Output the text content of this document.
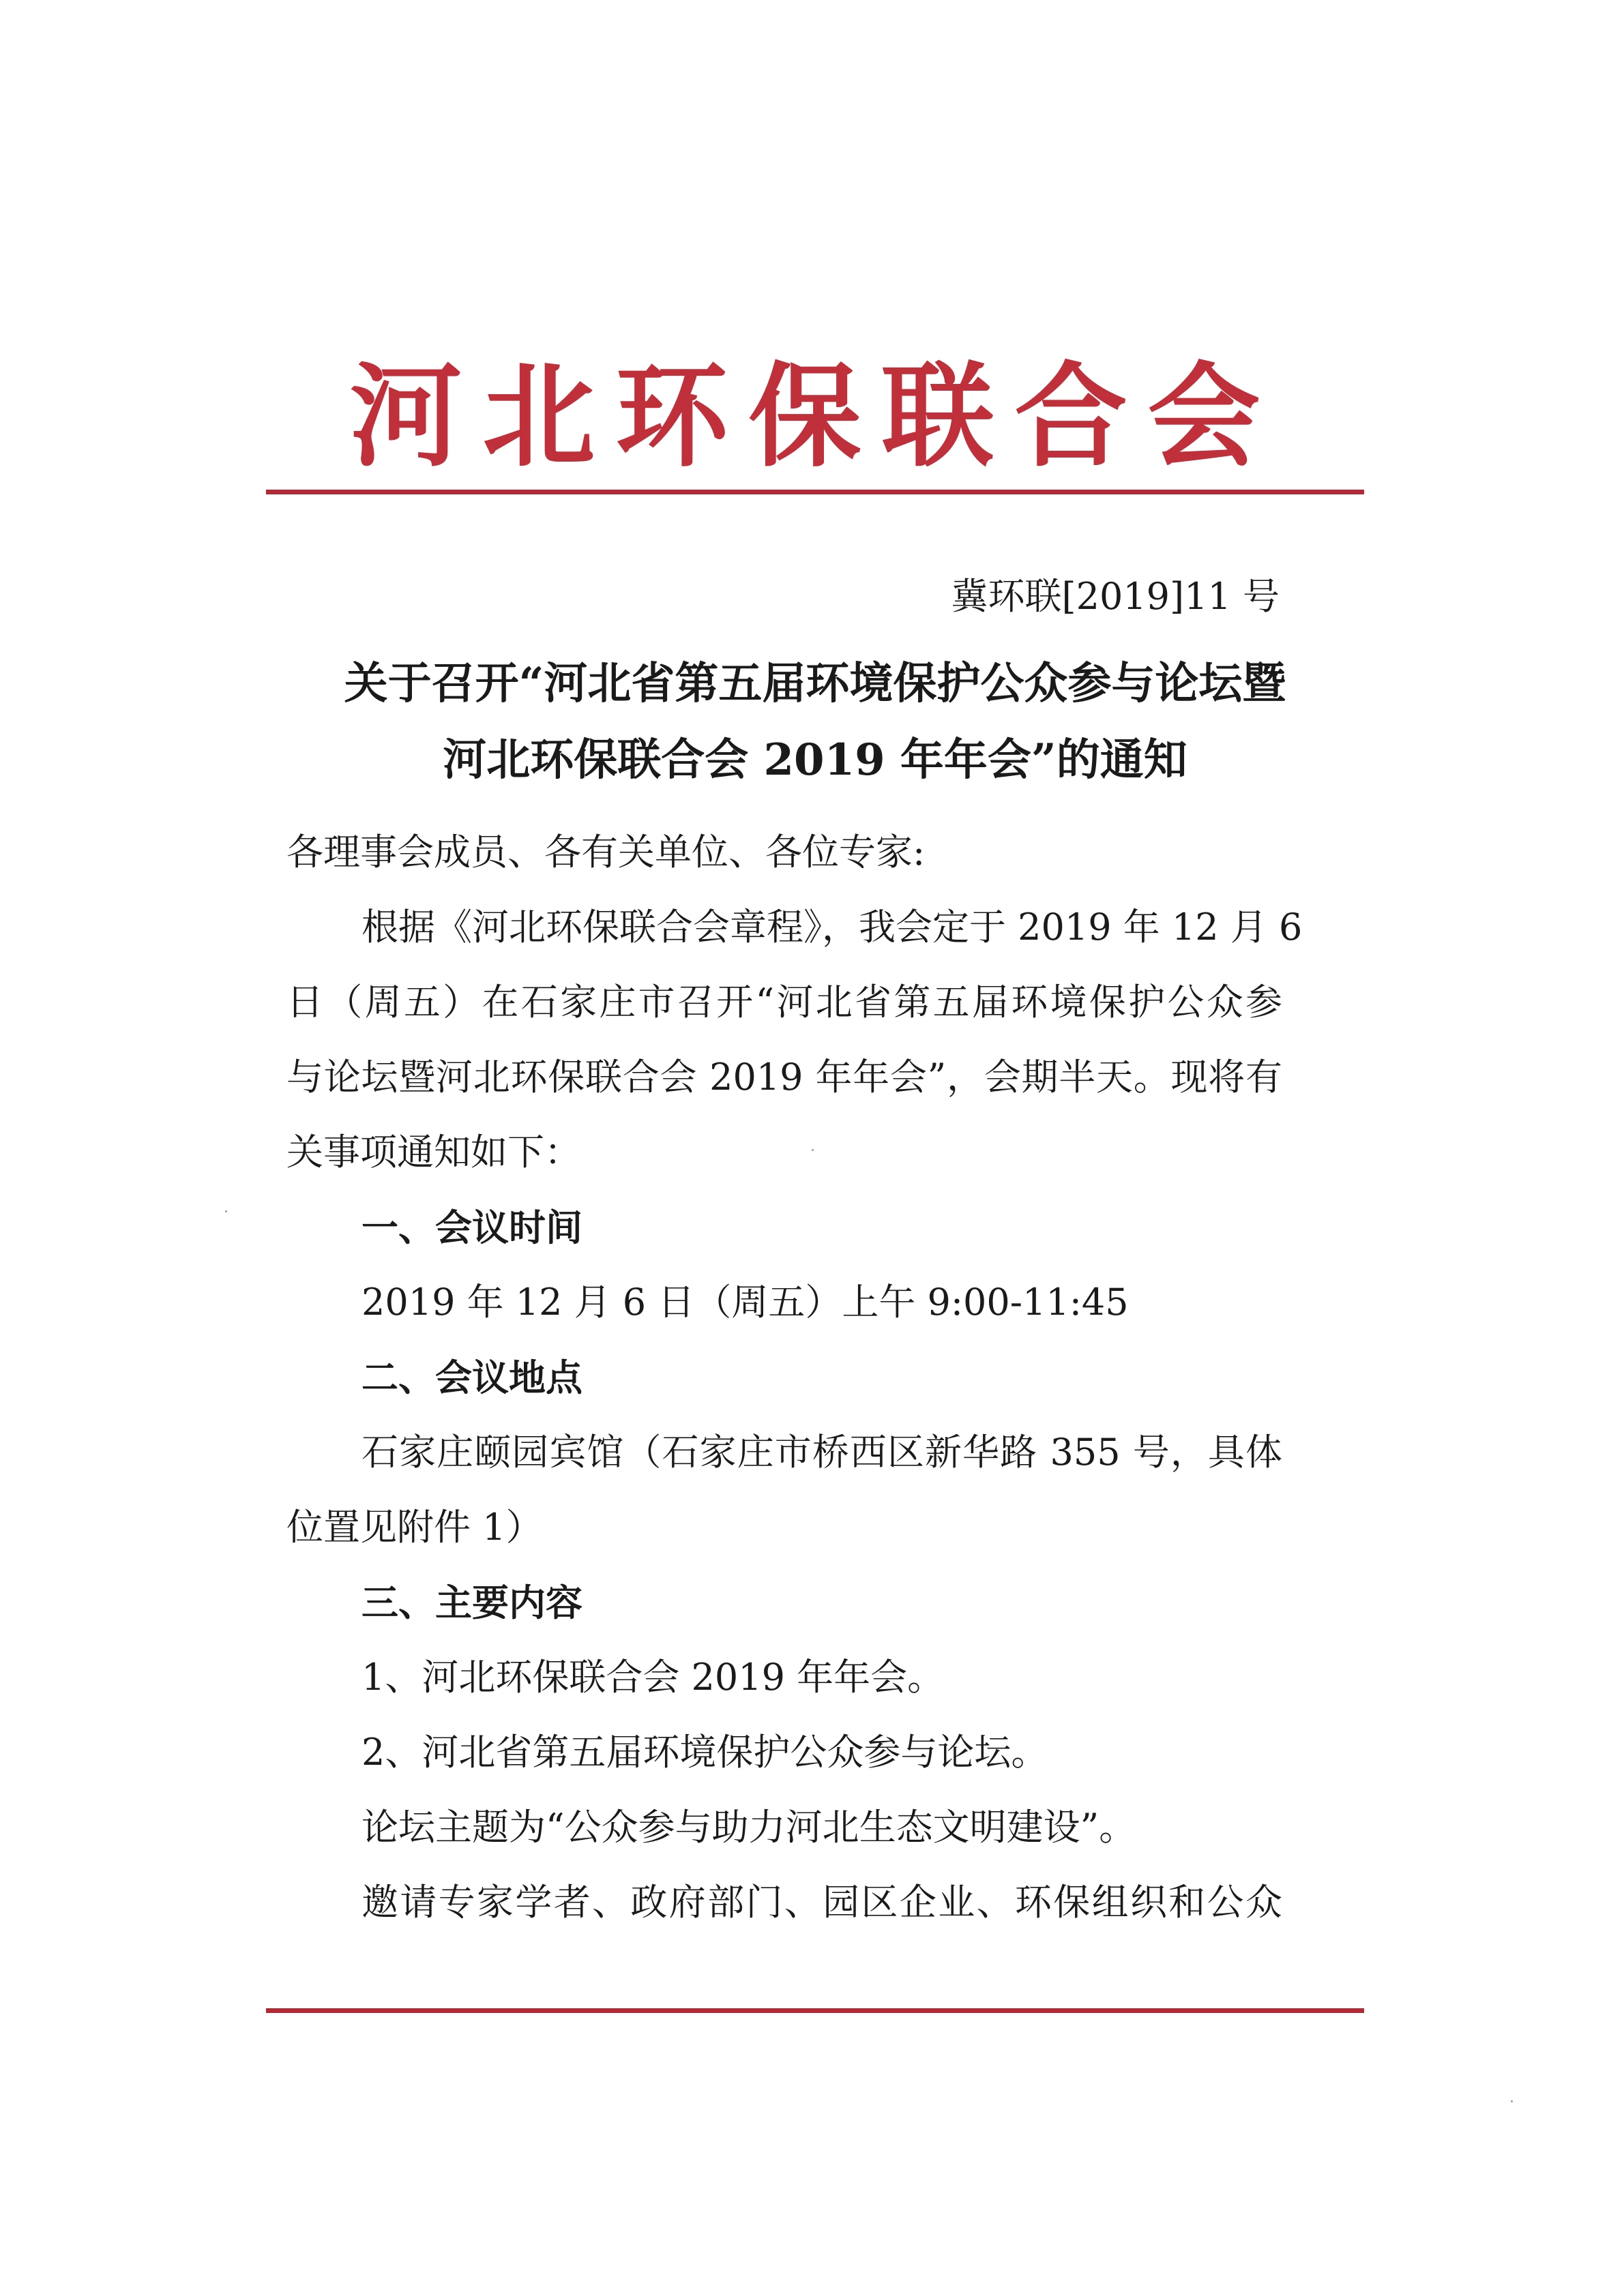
河北环保联合会
冀环联[2019]11 号
关于召开“河北省第五届环境保护公众参与论坛暨
河北环保联合会 2019 年年会”的通知
各理事会成员、各有关单位、各位专家:
根据《河北环保联合会章程》，我会定于 2019 年 12 月 6
日（周五）在石家庄市召开“河北省第五届环境保护公众参
与论坛暨河北环保联合会 2019 年年会”，会期半天。现将有
关事项通知如下：
一、会议时间
2019 年 12 月 6 日（周五）上午 9:00-11:45
二、会议地点
石家庄颐园宾馆（石家庄市桥西区新华路 355 号，具体
位置见附件 1）
三、主要内容
1、河北环保联合会 2019 年年会。
2、河北省第五届环境保护公众参与论坛。
论坛主题为“公众参与助力河北生态文明建设”。
邀请专家学者、政府部门、园区企业、环保组织和公众
